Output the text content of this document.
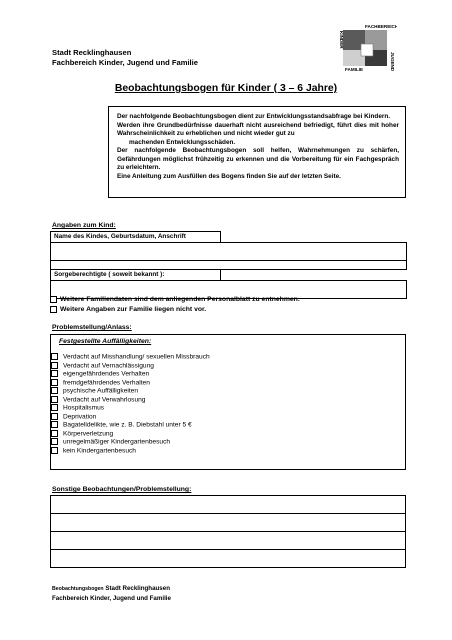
Stadt Recklinghausen
Fachbereich Kinder, Jugend und Familie
KINDER
FACHBEREICH
FAMILIE	JUGEND
Beobachtungsbogen für Kinder ( 3 – 6 Jahre)

Der nachfolgende Beobachtungsbogen dient zur Entwicklungsstandsabfrage bei Kindern.

Werden ihre Grundbedürfnisse dauerhaft nicht ausreichend befriedigt, führt dies mit hoher Wahrscheinlichkeit zu erheblichen und nicht wieder gut zu

machenden Entwicklungsschäden.

Der nachfolgende Beobachtungsbogen soll helfen, Wahrnehmungen zu schärfen, Gefährdungen möglichst frühzeitig zu erkennen und die Vorbereitung für ein Fachgespräch zu erleichtern.

Eine Anleitung zum Ausfüllen des Bogens finden Sie auf der letzten Seite.

Angaben zum Kind:
Name des Kindes, Geburtsdatum, Anschrift	

Sorgeberechtigte ( soweit bekannt ):	

Weitere Familiendaten sind dem anliegenden Personalblatt zu entnehmen.
Weitere Angaben zur Familie liegen nicht vor.
Problemstellung/Anlass:
Festgestellte Auffälligkeiten:
Verdacht auf Misshandlung/ sexuellen Missbrauch
Verdacht auf Vernachlässigung
eigengefährdendes Verhalten
fremdgefährdendes Verhalten
psychische Auffälligkeiten
Verdacht auf Verwahrlosung
Hospitalismus
Deprivation
Bagatelldelikte, wie z. B. Diebstahl unter 5 €
Körperverletzung
unregelmäßiger Kindergartenbesuch
kein Kindergartenbesuch
Sonstige Beobachtungen/Problemstellung:

Beobachtungsbogen Stadt Recklinghausen
Fachbereich Kinder, Jugend und Familie
